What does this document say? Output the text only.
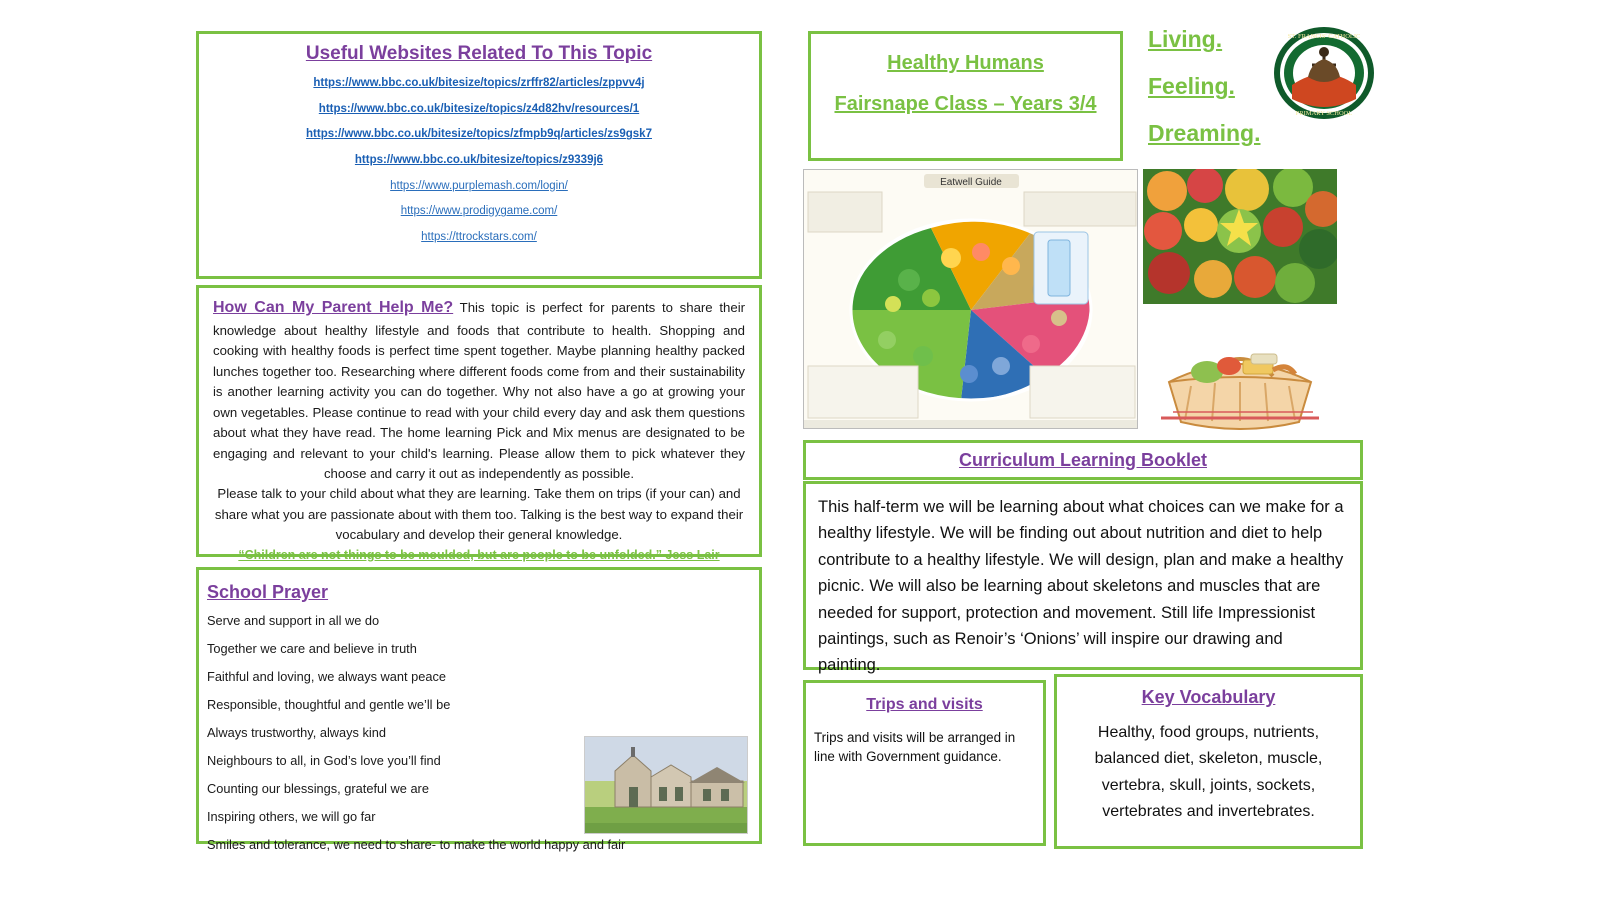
Useful Websites Related To This Topic
https://www.bbc.co.uk/bitesize/topics/zrffr82/articles/zppvv4j
https://www.bbc.co.uk/bitesize/topics/z4d82hv/resources/1
https://www.bbc.co.uk/bitesize/topics/zfmpb9q/articles/zs9gsk7
https://www.bbc.co.uk/bitesize/topics/z9339j6
https://www.purplemash.com/login/
https://www.prodigygame.com/
https://ttrockstars.com/

How Can My Parent Help Me? This topic is perfect for parents to share their knowledge about healthy lifestyle and foods that contribute to health. Shopping and cooking with healthy foods is perfect time spent together. Maybe planning healthy packed lunches together too. Researching where different foods come from and their sustainability is another learning activity you can do together. Why not also have a go at growing your own vegetables. Please continue to read with your child every day and ask them questions about what they have read. The home learning Pick and Mix menus are designated to be engaging and relevant to your child's learning. Please allow them to pick whatever they choose and carry it out as independently as possible.

Please talk to your child about what they are learning. Take them on trips (if your can) and share what you are passionate about with them too. Talking is the best way to expand their vocabulary and develop their general knowledge.

“Children are not things to be moulded, but are people to be unfolded.” Jess Lair

School Prayer
Serve and support in all we do
Together we care and believe in truth
Faithful and loving, we always want peace
Responsible, thoughtful and gentle we’ll be
Always trustworthy, always kind
Neighbours to all, in God’s love you’ll find
Counting our blessings, grateful we are
Inspiring others, we will go far
Smiles and tolerance, we need to share- to make the world happy and fair
Healthy Humans
Fairsnape Class – Years 3/4
Living.
Feeling.
Dreaming.
ST. FRANCIS' CATHOLIC
PRIMARY SCHOOL
Eatwell Guide
Curriculum Learning Booklet
This half-term we will be learning about what choices can we make for a healthy lifestyle. We will be finding out about nutrition and diet to help contribute to a healthy lifestyle. We will design, plan and make a healthy picnic. We will also be learning about skeletons and muscles that are needed for support, protection and movement. Still life Impressionist paintings, such as Renoir’s ‘Onions’ will inspire our drawing and painting.
Trips and visits
Trips and visits will be arranged in line with Government guidance.
Key Vocabulary
Healthy, food groups, nutrients, balanced diet, skeleton, muscle, vertebra, skull, joints, sockets, vertebrates and invertebrates.
